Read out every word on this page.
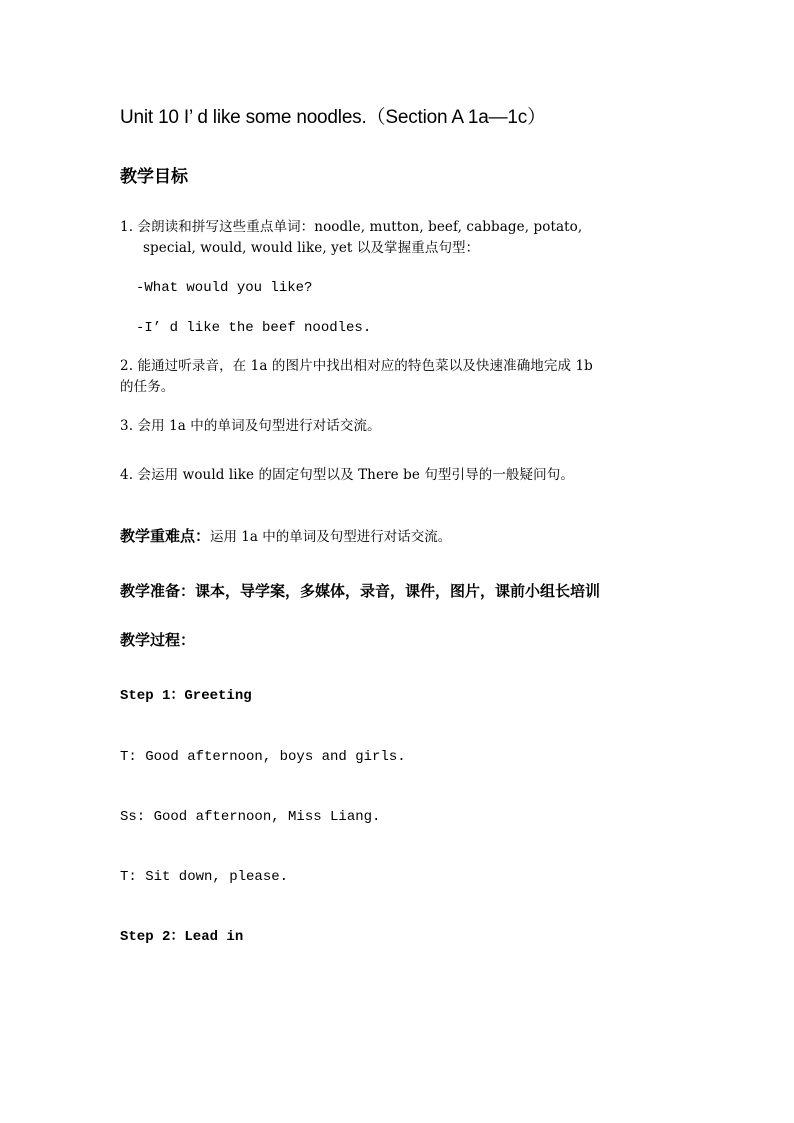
Unit 10 I’ d like some noodles.（Section A 1a—1c）
教学目标
1. 会朗读和拼写这些重点单词：noodle, mutton, beef, cabbage, potato,
special, would, would like, yet 以及掌握重点句型：
-What would you like?
-I’ d like the beef noodles.
2. 能通过听录音，在 1a 的图片中找出相对应的特色菜以及快速准确地完成 1b
的任务。
3. 会用 1a 中的单词及句型进行对话交流。
4. 会运用 would like 的固定句型以及 There be 句型引导的一般疑问句。
教学重难点：运用 1a 中的单词及句型进行对话交流。
教学准备：课本，导学案，多媒体，录音，课件，图片，课前小组长培训
教学过程：
Step 1：Greeting
T: Good afternoon, boys and girls.
Ss: Good afternoon, Miss Liang.
T: Sit down, please.
Step 2：Lead in
